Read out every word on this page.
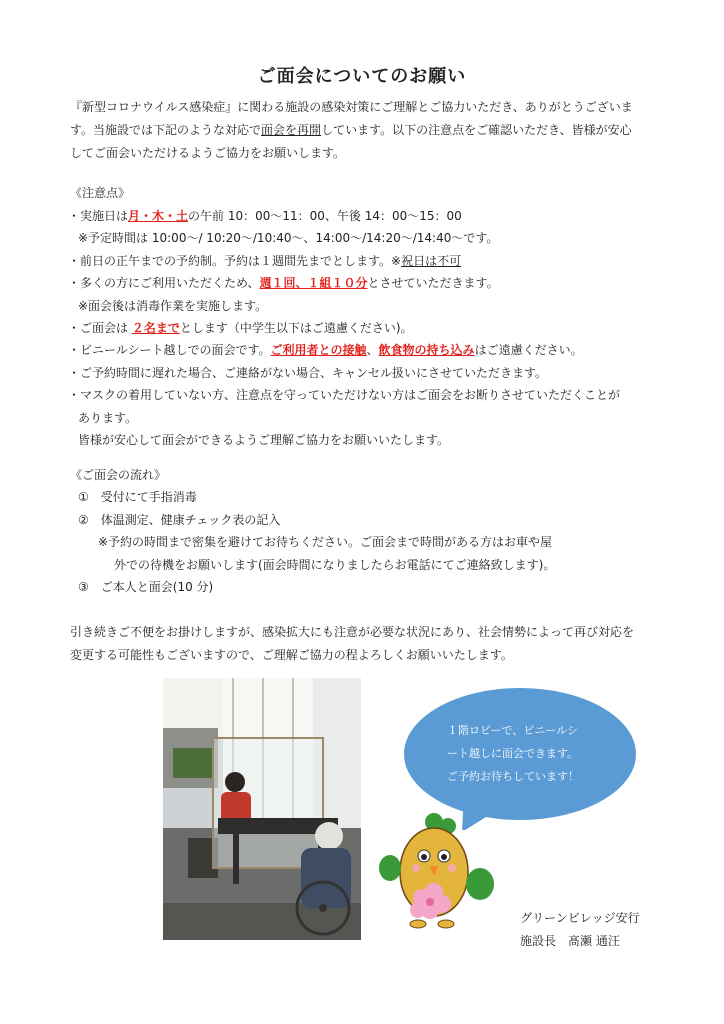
ご面会についてのお願い
『新型コロナウイルス感染症』に関わる施設の感染対策にご理解とご協力いただき、ありがとうございま
す。当施設では下記のような対応で面会を再開しています。以下の注意点をご確認いただき、皆様が安心
してご面会いただけるようご協力をお願いします。
《注意点》
・実施日は月・木・土の午前 10：00～11：00、午後 14：00～15：00
※予定時間は 10:00～/ 10:20～/10:40～、14:00～/14:20～/14:40～です。
・前日の正午までの予約制。予約は１週間先までとします。※祝日は不可
・多くの方にご利用いただくため、週１回、１組１０分とさせていただきます。
※面会後は消毒作業を実施します。
・ご面会は ２名までとします（中学生以下はご遠慮ください)。
・ビニールシート越しでの面会です。ご利用者との接触、飲食物の持ち込みはご遠慮ください。
・ご予約時間に遅れた場合、ご連絡がない場合、キャンセル扱いにさせていただきます。
・マスクの着用していない方、注意点を守っていただけない方はご面会をお断りさせていただくことが
あります。
皆様が安心して面会ができるようご理解ご協力をお願いいたします。
《ご面会の流れ》
①　受付にて手指消毒
②　体温測定、健康チェック表の記入
※予約の時間まで密集を避けてお待ちください。ご面会まで時間がある方はお車や屋
外での待機をお願いします(面会時間になりましたらお電話にてご連絡致します)。
③　ご本人と面会(10 分)
引き続きご不便をお掛けしますが、感染拡大にも注意が必要な状況にあり、社会情勢によって再び対応を
変更する可能性もございますので、ご理解ご協力の程よろしくお願いいたします。
１階ロビーで、ビニールシ
ート越しに面会できます。
ご予約お待ちしています！
グリーンビレッジ安行
施設長　髙瀬 通汪
